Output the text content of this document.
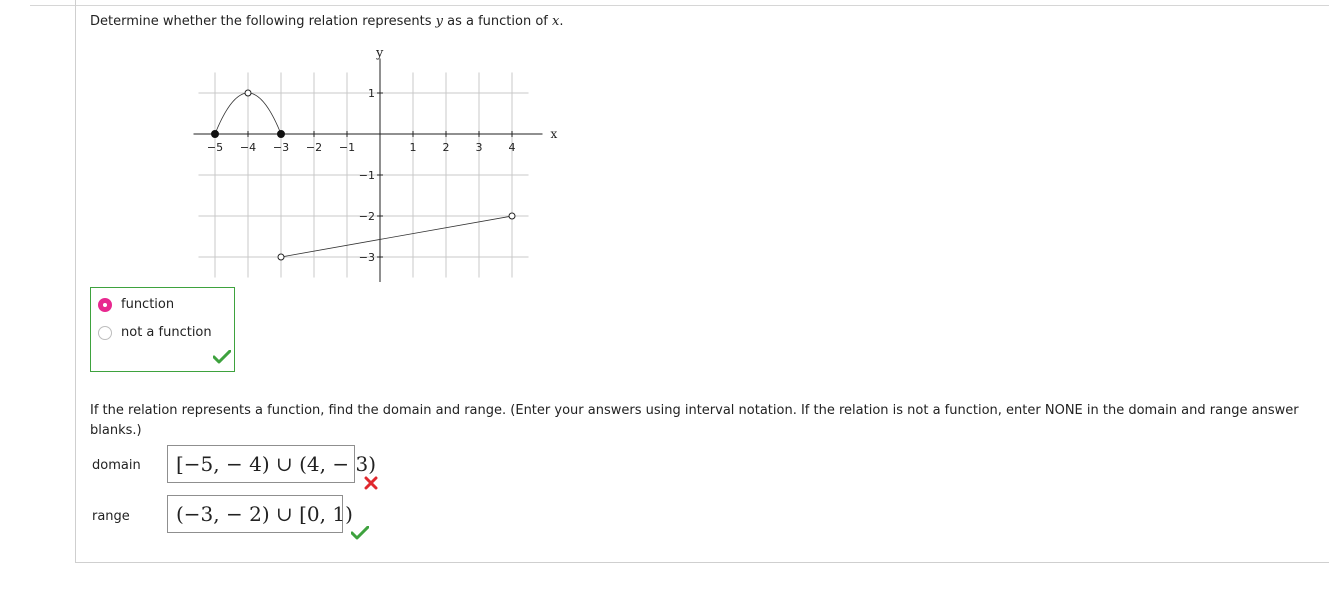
Determine whether the following relation represents y as a function of x.
x
y
−5 −4 −3 −2 −1	1 2 3 4
1
−1
−2
−3
function
not a function
If the relation represents a function, find the domain and range. (Enter your answers using interval notation. If the relation is not a function, enter NONE in the domain and range answer blanks.)
domain [−5, − 4) ∪ (4, − 3)
range (−3, − 2) ∪ [0, 1)
